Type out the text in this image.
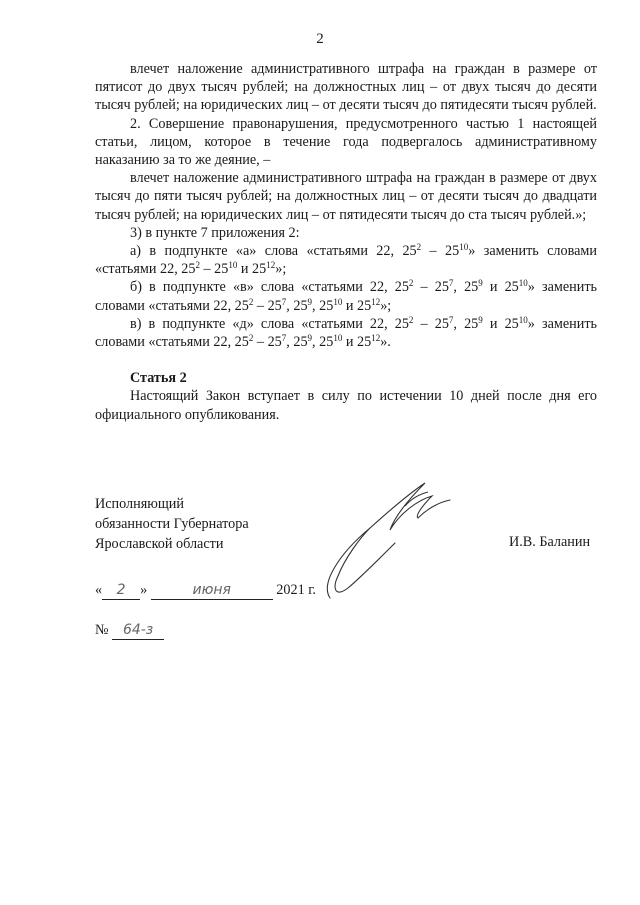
2

влечет наложение административного штрафа на граждан в размере от пятисот до двух тысяч рублей; на должностных лиц – от двух тысяч до десяти тысяч рублей; на юридических лиц – от десяти тысяч до пятидесяти тысяч рублей.

2. Совершение правонарушения, предусмотренного частью 1 настоящей статьи, лицом, которое в течение года подвергалось административному наказанию за то же деяние, –

влечет наложение административного штрафа на граждан в размере от двух тысяч до пяти тысяч рублей; на должностных лиц – от десяти тысяч до двадцати тысяч рублей; на юридических лиц – от пятидесяти тысяч до ста тысяч рублей.»;

3) в пункте 7 приложения 2:

а) в подпункте «а» слова «статьями 22, $25^2 - 25^{10}$» заменить словами «статьями 22, $25^2 - 25^{10}$ и $25^{12}$»;

б) в подпункте «в» слова «статьями 22, $25^2 - 25^7$, $25^9$ и $25^{10}$» заменить словами «статьями 22, $25^2 - 25^7$, $25^9$, $25^{10}$ и $25^{12}$»;

в) в подпункте «д» слова «статьями 22, $25^2 - 25^7$, $25^9$ и $25^{10}$» заменить словами «статьями 22, $25^2 - 25^7$, $25^9$, $25^{10}$ и $25^{12}$».

Статья 2

Настоящий Закон вступает в силу по истечении 10 дней после дня его официального опубликования.

Исполняющий
обязанности Губернатора
Ярославской области	И.В. Баланин
« 2 »	июня	2021 г.
№ 64-з
